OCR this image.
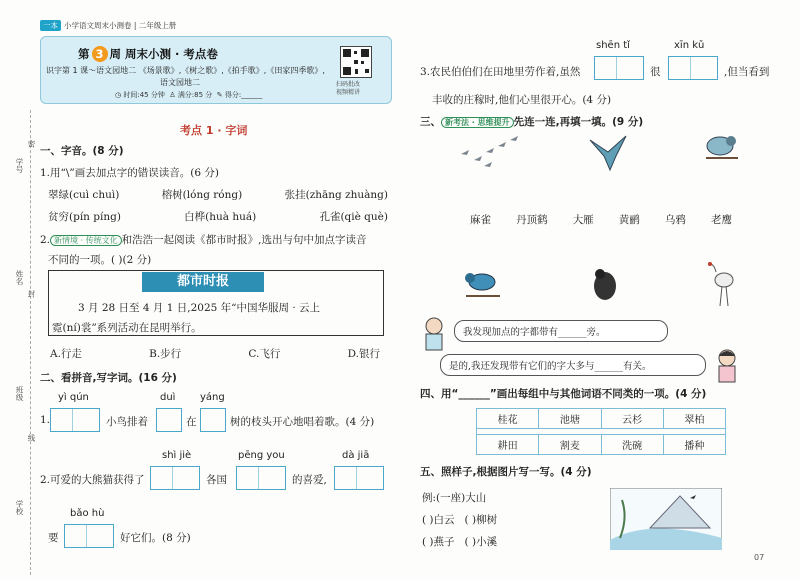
一本 小学语文周末小测卷 | 二年级上册
第 3 周 周末小测 · 考点卷
识字第 1 课～语文园地二 《场景歌》,《树之歌》,《拍手歌》,《田家四季歌》,
语文园地二
◷ 时间:45 分钟 ♙ 满分:85 分 ✎ 得分:______
扫码批改
视频精讲
学号
姓名
班级
学校
封
线
密
考点 1 · 字词
一、字音。(8 分)
1.用“\”画去加点字的错误读音。(6 分)
翠绿(cuì chuì)	榕树(lóng róng)	张挂(zhāng zhuàng)
贫穷(pín píng)	白桦(huà huá)	孔雀(qiè què)
2. 新情境 · 传统文化 和浩浩一起阅读《都市时报》,选出与句中加点字读音
不同的一项。( )(2 分)
都市时报
3 月 28 日至 4 月 1 日,2025 年“中国华服周 · 云上
霓(ní)裳”系列活动在昆明举行。
A.行走	B.步行	C.飞行	D.银行
二、看拼音,写字词。(16 分)
yì qún	duì yáng
1.	小鸟排着	在	树的枝头开心地唱着歌。(4 分)
shì jiè	pēng you	dà jiā
2.可爱的大熊猫获得了	各国	的喜爱,
bǎo hù
要	好它们。(8 分)
shēn tǐ	xīn kǔ
3.农民伯伯们在田地里劳作着,虽然	很	,但当看到
丰收的庄稼时,他们心里很开心。(4 分)
三、 新考法 · 思维提升 先连一连,再填一填。(9 分)
麻雀 丹顶鹤 大雁 黄鹂 乌鸦 老鹰
我发现加点的字都带有______旁。
是的,我还发现带有它们的字大多与______有关。
四、用“______”画出每组中与其他词语不同类的一项。(4 分)
桂花	池塘	云杉	翠柏

耕田	割麦	洗碗	播种
五、照样子,根据图片写一写。(4 分)
例:(一座)大山
( )白云 ( )柳树
( )燕子 ( )小溪
07
